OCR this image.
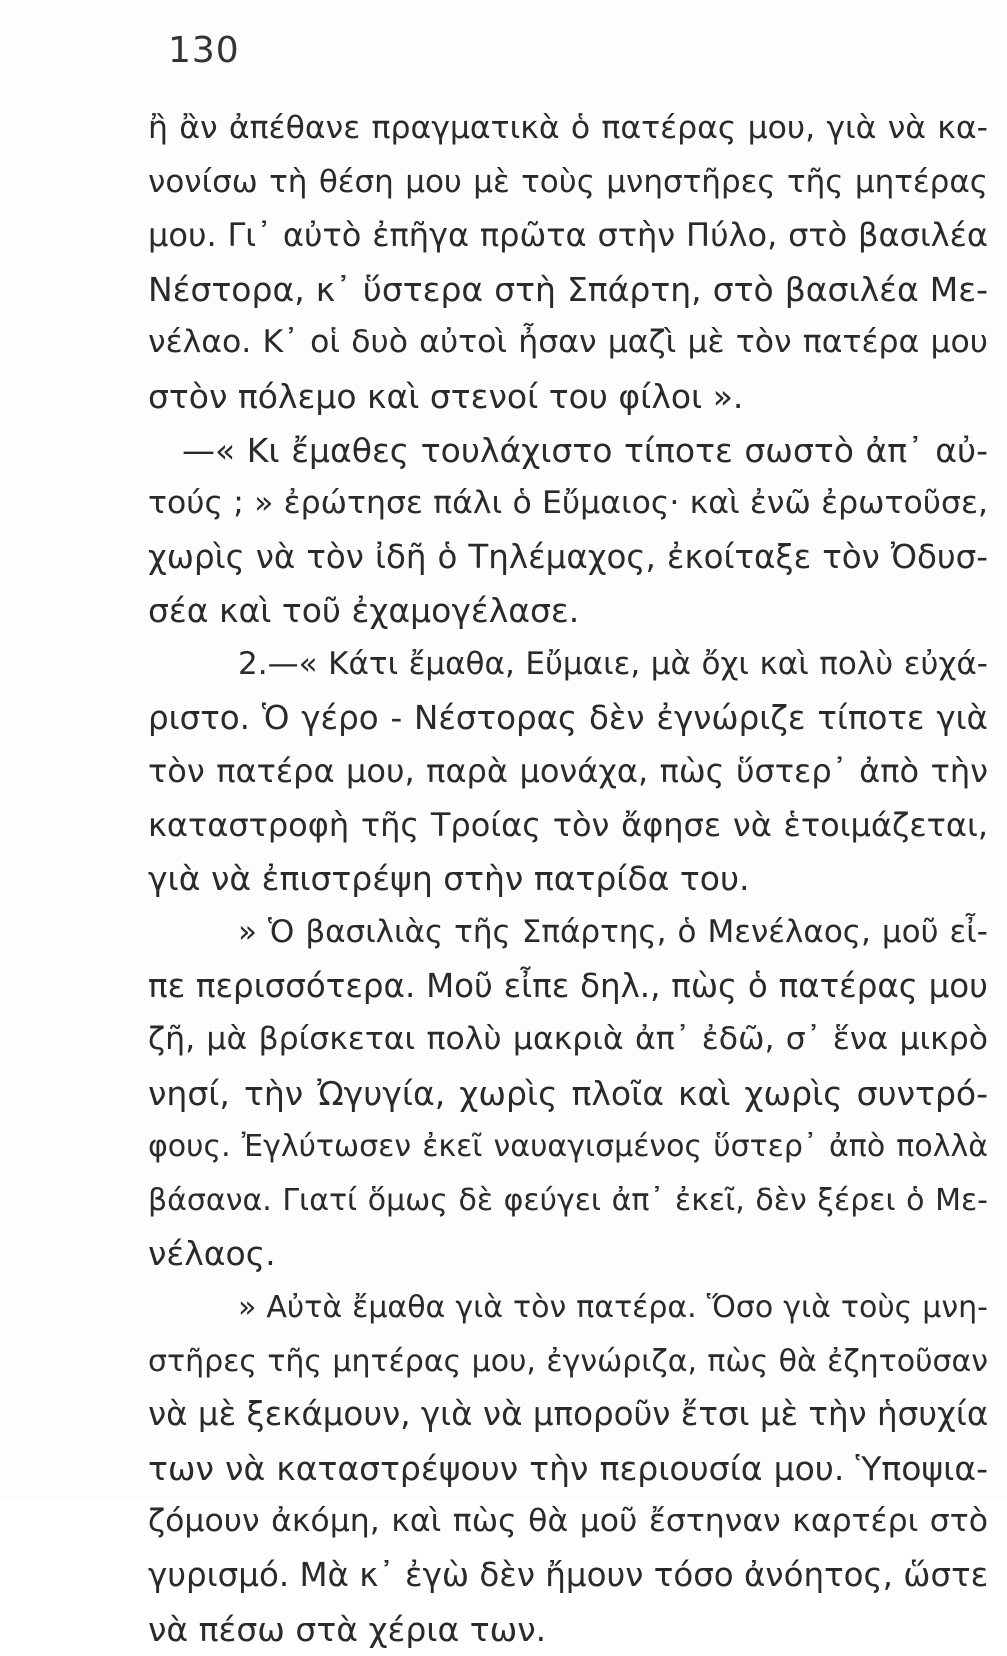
130
ἢ ἂν ἀπέθανε πραγματικὰ ὁ πατέρας μου, γιὰ νὰ κα-
νονίσω τὴ θέση μου μὲ τοὺς μνηστῆρες τῆς μητέρας
μου. Γι᾿ αὐτὸ ἐπῆγα πρῶτα στὴν Πύλο, στὸ βασιλέα
Νέστορα, κ᾿ ὕστερα στὴ Σπάρτη, στὸ βασιλέα Με-
νέλαο. Κ᾿ οἱ δυὸ αὐτοὶ ἦσαν μαζὶ μὲ τὸν πατέρα μου
στὸν πόλεμο καὶ στενοί του φίλοι ».
—« Κι ἔμαθες τουλάχιστο τίποτε σωστὸ ἀπ᾿ αὐ-
τούς ; » ἐρώτησε πάλι ὁ Εὔμαιος· καὶ ἐνῶ ἐρωτοῦσε,
χωρὶς νὰ τὸν ἰδῆ ὁ Τηλέμαχος, ἐκοίταξε τὸν Ὀδυσ-
σέα καὶ τοῦ ἐχαμογέλασε.
2.—« Κάτι ἔμαθα, Εὔμαιε, μὰ ὄχι καὶ πολὺ εὐχά-
ριστο. Ὁ γέρο - Νέστορας δὲν ἐγνώριζε τίποτε γιὰ
τὸν πατέρα μου, παρὰ μονάχα, πὼς ὕστερ᾿ ἀπὸ τὴν
καταστροφὴ τῆς Τροίας τὸν ἄφησε νὰ ἑτοιμάζεται,
γιὰ νὰ ἐπιστρέψη στὴν πατρίδα του.
» Ὁ βασιλιὰς τῆς Σπάρτης, ὁ Μενέλαος, μοῦ εἶ-
πε περισσότερα. Μοῦ εἶπε δηλ., πὼς ὁ πατέρας μου
ζῆ, μὰ βρίσκεται πολὺ μακριὰ ἀπ᾿ ἐδῶ, σ᾿ ἕνα μικρὸ
νησί, τὴν Ὠγυγία, χωρὶς πλοῖα καὶ χωρὶς συντρό-
φους. Ἐγλύτωσεν ἐκεῖ ναυαγισμένος ὕστερ᾿ ἀπὸ πολλὰ
βάσανα. Γιατί ὅμως δὲ φεύγει ἀπ᾿ ἐκεῖ, δὲν ξέρει ὁ Με-
νέλαος.
» Αὐτὰ ἔμαθα γιὰ τὸν πατέρα. Ὅσο γιὰ τοὺς μνη-
στῆρες τῆς μητέρας μου, ἐγνώριζα, πὼς θὰ ἐζητοῦσαν
νὰ μὲ ξεκάμουν, γιὰ νὰ μποροῦν ἔτσι μὲ τὴν ἡσυχία
των νὰ καταστρέψουν τὴν περιουσία μου. Ὑποψια-
ζόμουν ἀκόμη, καὶ πὼς θὰ μοῦ ἔστηναν καρτέρι στὸ
γυρισμό. Μὰ κ᾿ ἐγὼ δὲν ἤμουν τόσο ἀνόητος, ὥστε
νὰ πέσω στὰ χέρια των.
